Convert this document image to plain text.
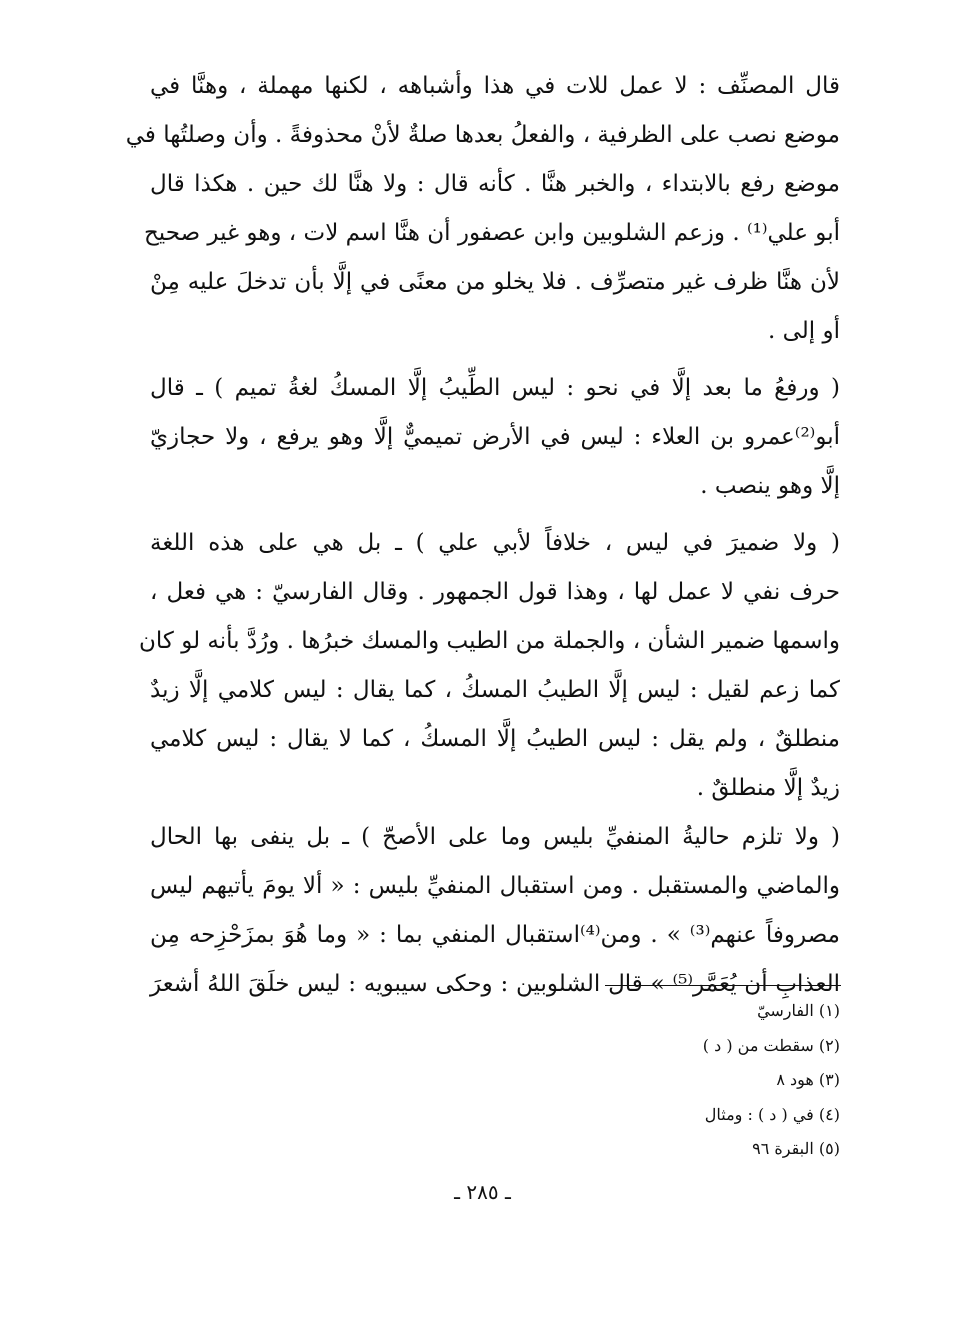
قال المصنِّف : لا عمل للات في هذا وأشباهه ، لكنها مهملة ، وهنَّا في
موضع نصب على الظرفية ، والفعلُ بعدها صلةٌ لأنْ محذوفةً . وأن وصلتُها في
موضع رفع بالابتداء ، والخبر هنَّا . كأنه قال : ولا هنَّا لك حين . هكذا قال
أبو علي⁽¹⁾ . وزعم الشلوبين وابن عصفور أن هنَّا اسم لات ، وهو غير صحيح
لأن هنَّا ظرف غير متصرِّف . فلا يخلو من معنًى في إلَّا بأن تدخلَ عليه مِنْ
أو إلى .
( ورفعُ ما بعد إلَّا في نحو : ليس الطِّيبُ إلَّا المسكُ لغةُ تميم ) ـ قال
أبو⁽²⁾عمرو بن العلاء : ليس في الأرض تميميٌّ إلَّا وهو يرفع ، ولا حجازيّ
إلَّا وهو ينصب .
( ولا ضميرَ في ليس ، خلافاً لأبي علي ) ـ بل هي على هذه اللغة
حرف نفي لا عمل لها ، وهذا قول الجمهور . وقال الفارسيّ : هي فعل ،
واسمها ضمير الشأن ، والجملة من الطيب والمسك خبرُها . ورُدَّ بأنه لو كان
كما زعم لقيل : ليس إلَّا الطيبُ المسكُ ، كما يقال : ليس كلامي إلَّا زيدٌ
منطلقٌ ، ولم يقل : ليس الطيبُ إلَّا المسكُ ، كما لا يقال : ليس كلامي
زيدٌ إلَّا منطلقٌ .
( ولا تلزم حاليةُ المنفيِّ بليس وما على الأصحّ ) ـ بل ينفى بها الحال
والماضي والمستقبل . ومن استقبال المنفيِّ بليس : « ألا يومَ يأتيهم ليس
مصروفاً عنهم⁽³⁾ » . ومن⁽⁴⁾استقبال المنفي بما : « وما هُوَ بمزَحْزِحه مِن
العذابِ أن يُعَمَّر⁽⁵⁾ » قال الشلوبين : وحكى سيبويه : ليس خلَقَ اللهُ أشعرَ
(١) الفارسيّ
(٢) سقطت من ( د )
(٣) هود ٨
(٤) في ( د ) : ومثال
(٥) البقرة ٩٦
ـ ٢٨٥ ـ
